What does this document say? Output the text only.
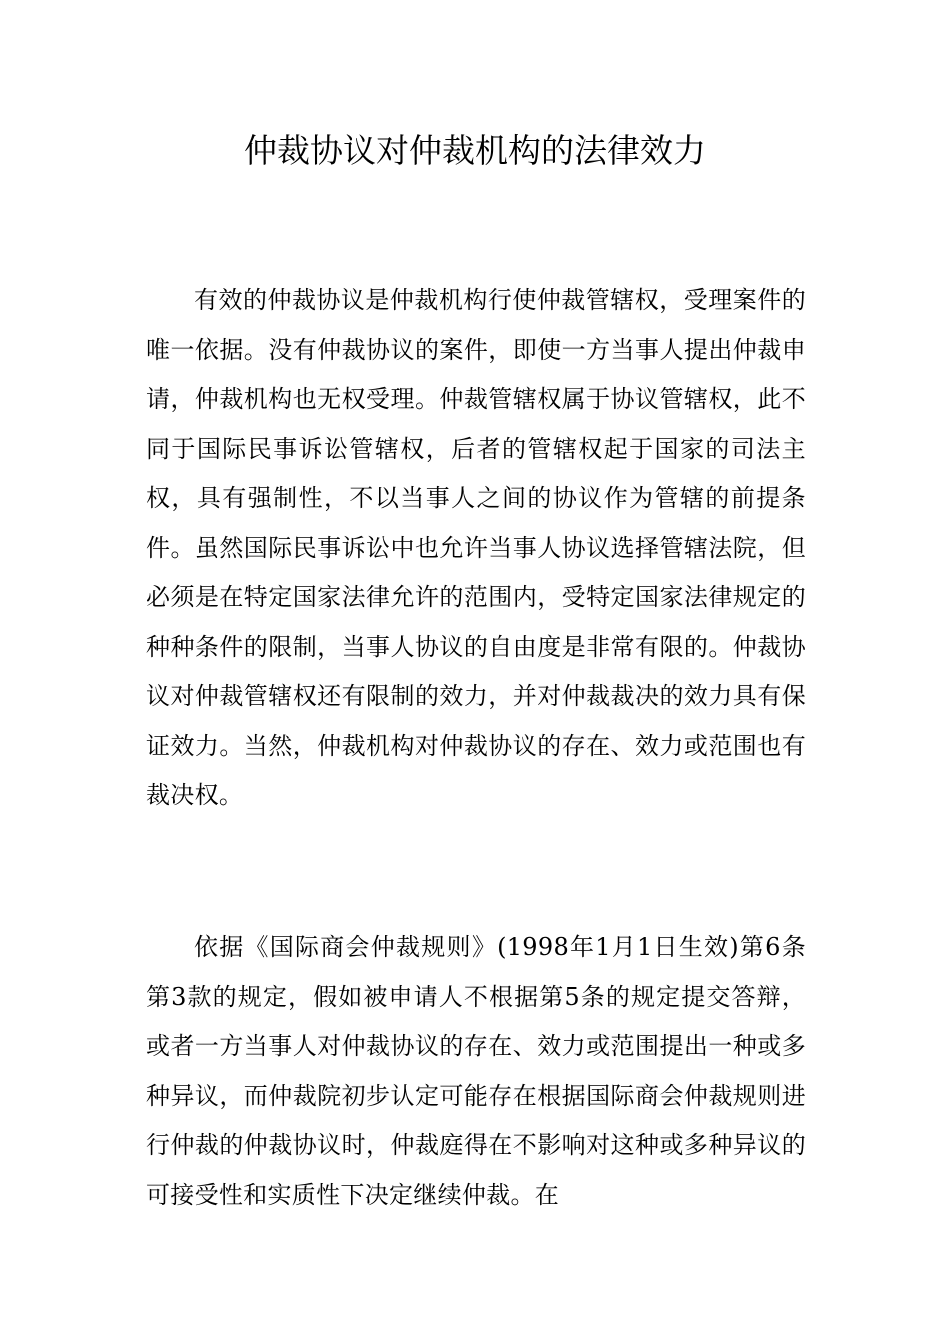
仲裁协议对仲裁机构的法律效力

有效的仲裁协议是仲裁机构行使仲裁管辖权，受理案件的唯一依据。没有仲裁协议的案件，即使一方当事人提出仲裁申请，仲裁机构也无权受理。仲裁管辖权属于协议管辖权，此不同于国际民事诉讼管辖权，后者的管辖权起于国家的司法主权，具有强制性，不以当事人之间的协议作为管辖的前提条件。虽然国际民事诉讼中也允许当事人协议选择管辖法院，但必须是在特定国家法律允许的范围内，受特定国家法律规定的种种条件的限制，当事人协议的自由度是非常有限的。仲裁协议对仲裁管辖权还有限制的效力，并对仲裁裁决的效力具有保证效力。当然，仲裁机构对仲裁协议的存在、效力或范围也有裁决权。

依据《国际商会仲裁规则》(1998年1月1日生效)第6条第3款的规定，假如被申请人不根据第5条的规定提交答辩，或者一方当事人对仲裁协议的存在、效力或范围提出一种或多种异议，而仲裁院初步认定可能存在根据国际商会仲裁规则进行仲裁的仲裁协议时，仲裁庭得在不影响对这种或多种异议的可接受性和实质性下决定继续仲裁。在
